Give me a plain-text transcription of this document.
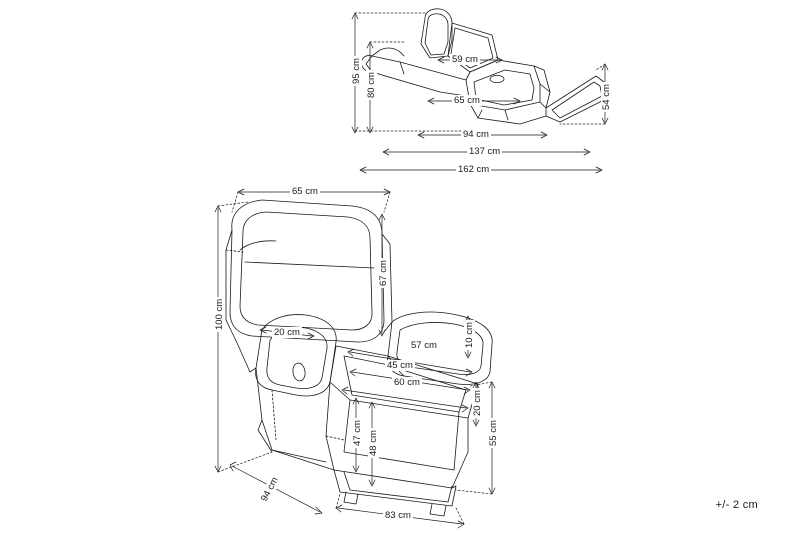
95 cm
80 cm
59 cm
65 cm	54 cm
94 cm
137 cm
162 cm
65 cm
67 cm
100 cm
20 cm	10 cm
57 cm
45 cm
60 cm
20 cm
55 cm
47 cm 48 cm
94 cm
83 cm
+/- 2 cm
